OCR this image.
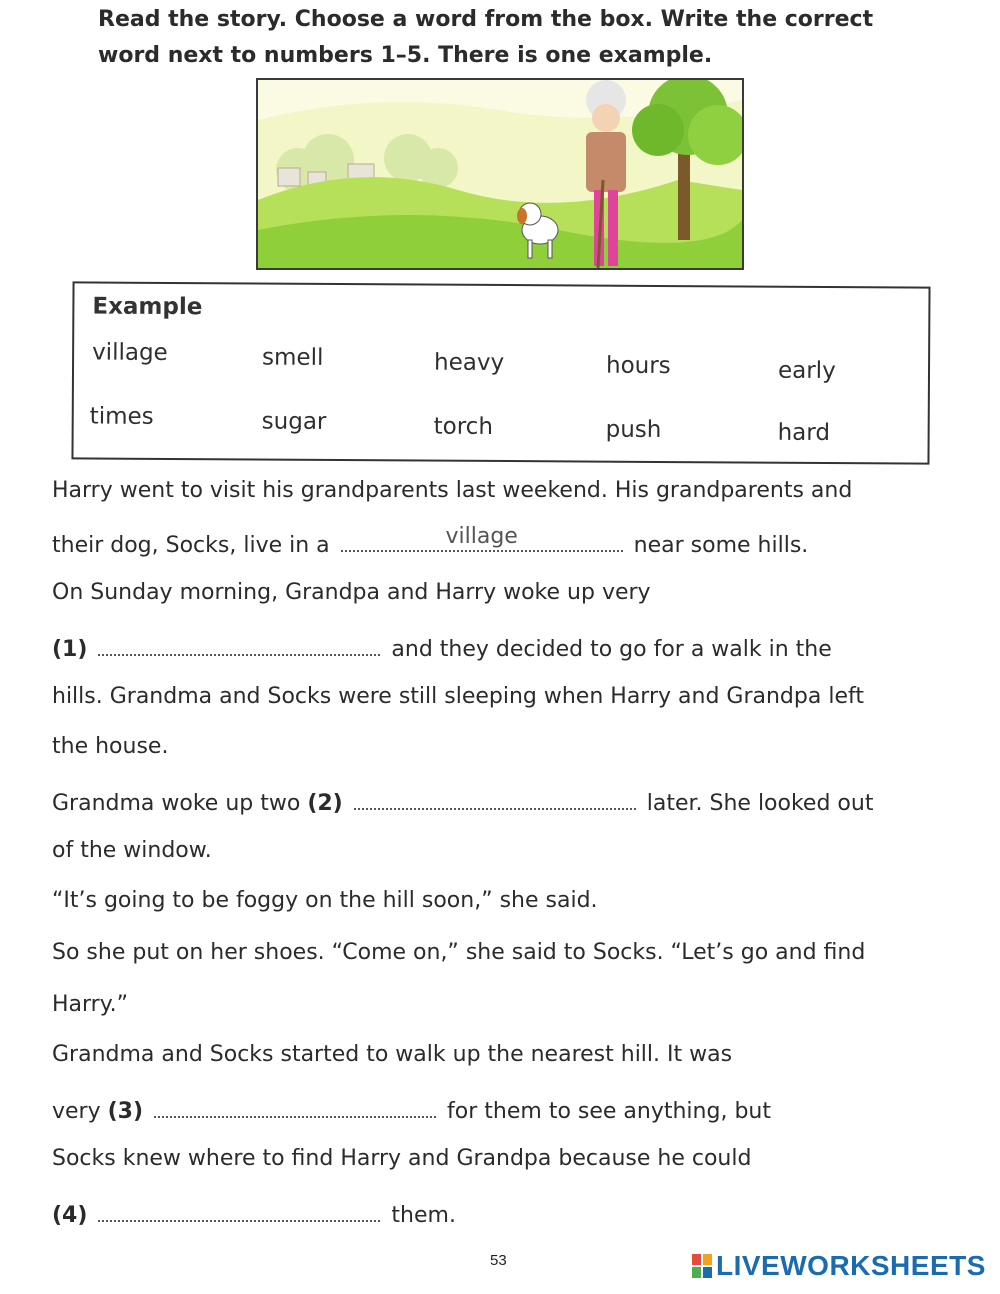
Read the story. Choose a word from the box. Write the correct word next to numbers 1–5. There is one example.
Example
village	smell	heavy	hours	early
times	sugar	torch	push	hard
Harry went to visit his grandparents last weekend. His grandparents and
their dog, Socks, live in a	village	near some hills.
On Sunday morning, Grandpa and Harry woke up very
(1)	and they decided to go for a walk in the
hills. Grandma and Socks were still sleeping when Harry and Grandpa left
the house.
Grandma woke up two (2)	later. She looked out
of the window.
“It’s going to be foggy on the hill soon,” she said.
So she put on her shoes. “Come on,” she said to Socks. “Let’s go and find
Harry.”
Grandma and Socks started to walk up the nearest hill. It was
very (3)	for them to see anything, but
Socks knew where to find Harry and Grandpa because he could
(4)	them.
53	LIVEWORKSHEETS
